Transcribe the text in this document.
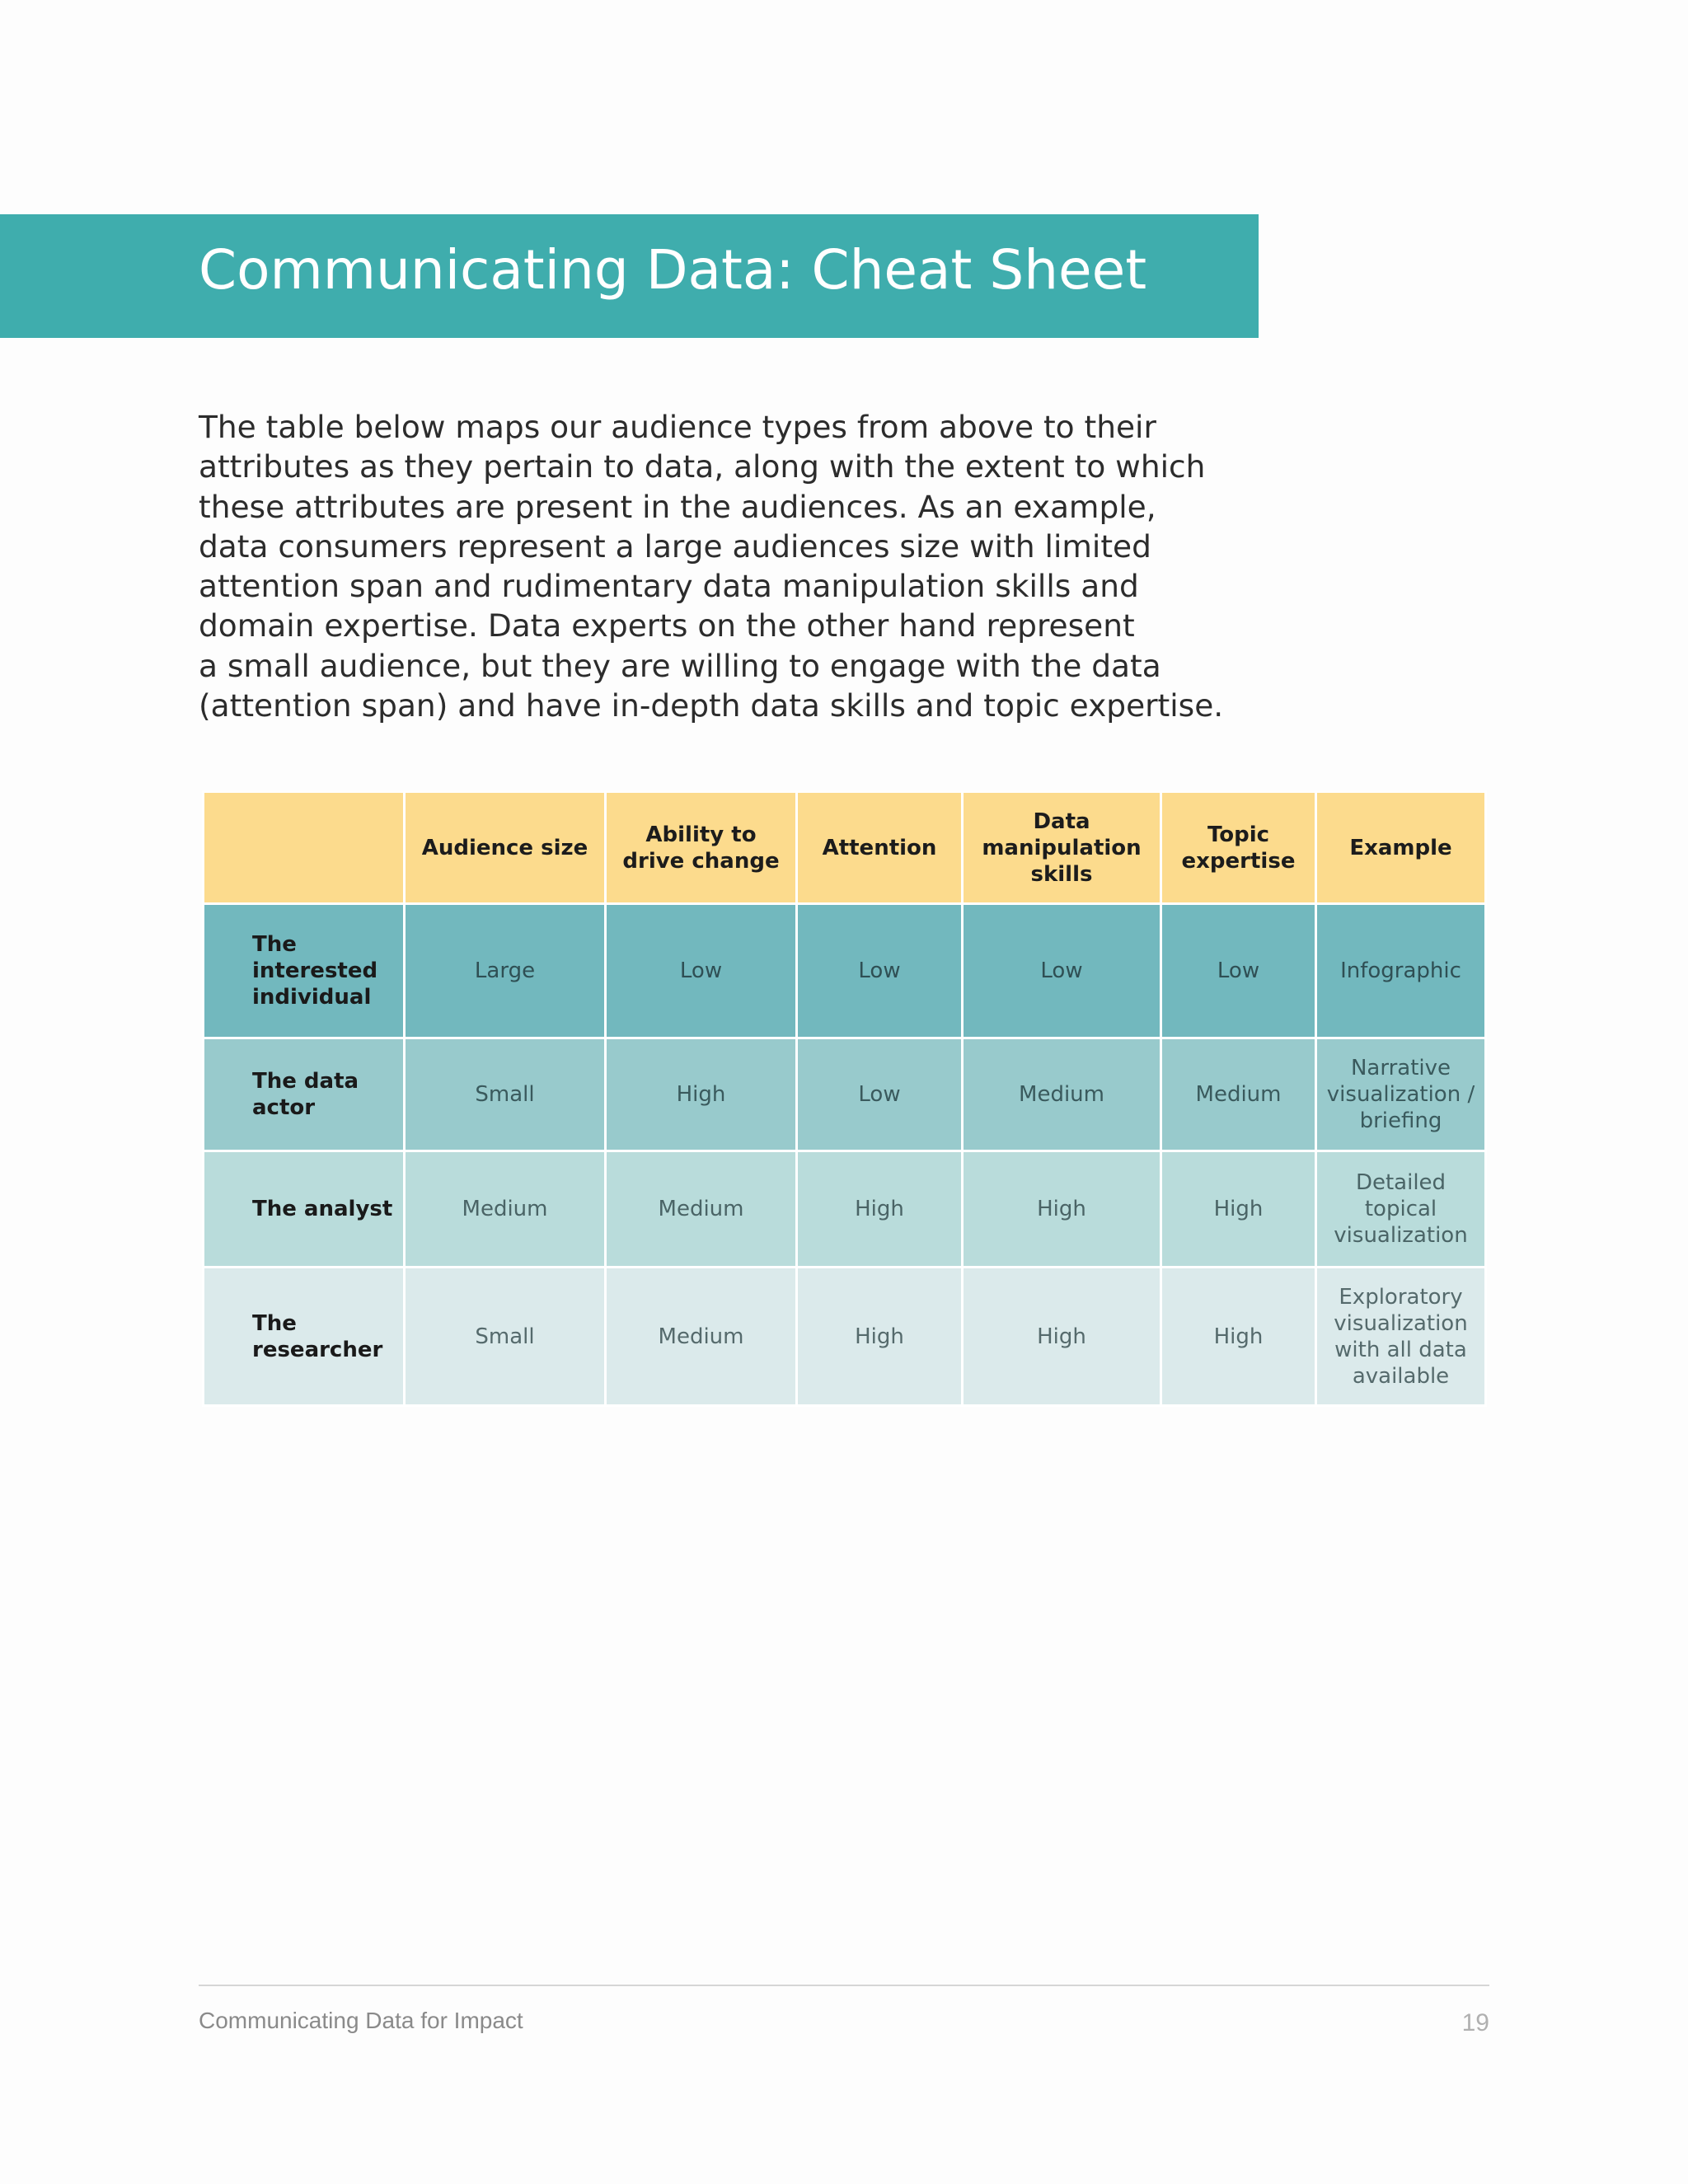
Communicating Data: Cheat Sheet

The table below maps our audience types from above to their
attributes as they pertain to data, along with the extent to which
these attributes are present in the audiences. As an example,
data consumers represent a large audiences size with limited
attention span and rudimentary data manipulation skills and
domain expertise. Data experts on the other hand represent
a small audience, but they are willing to engage with the data
(attention span) and have in-depth data skills and topic expertise.

	Audience size	Ability to drive change	Attention	Data manipulation skills	Topic expertise	Example
The interested individual	Large	Low	Low	Low	Low	Infographic
The data actor	Small	High	Low	Medium	Medium	Narrative visualization / briefing
The analyst	Medium	Medium	High	High	High	Detailed topical visualization
The researcher	Small	Medium	High	High	High	Exploratory visualization with all data available
Communicating Data for Impact	19
